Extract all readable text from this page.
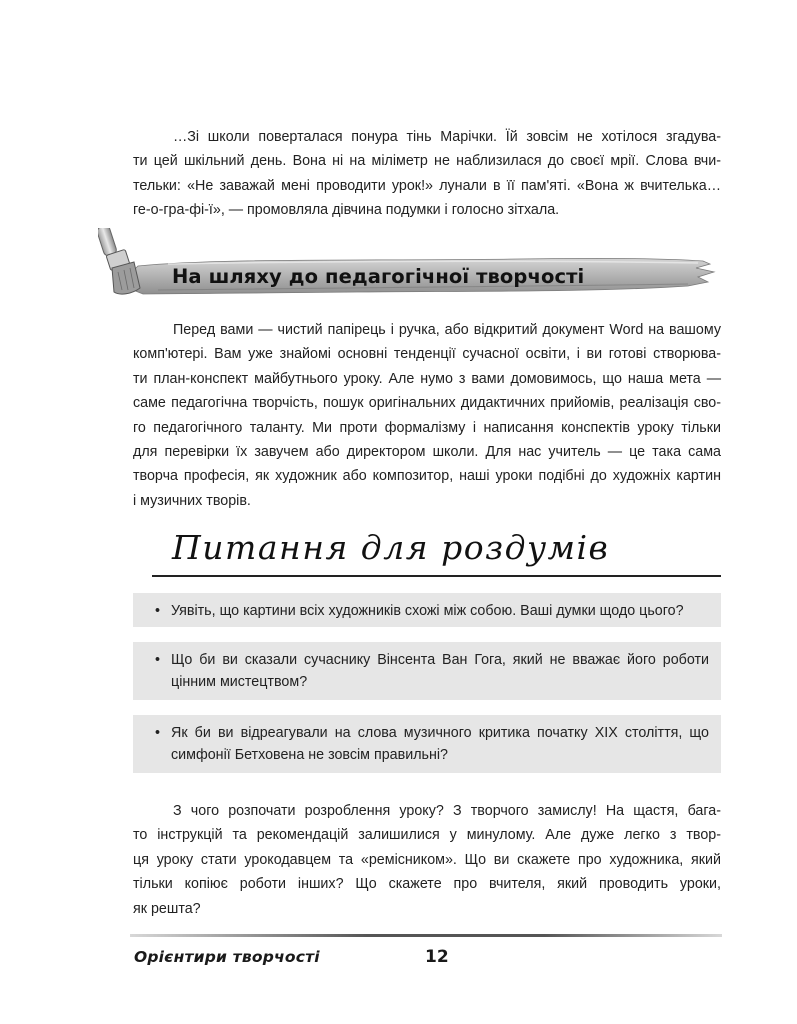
…Зі школи поверталася понура тінь Марічки. Їй зовсім не хотілося згадува-
ти цей шкільний день. Вона ні на міліметр не наблизилася до своєї мрії. Слова вчи-
тельки: «Не заважай мені проводити урок!» лунали в її пам'яті. «Вона ж вчителька…
ге-о-гра-фі-ї», — промовляла дівчина подумки і голосно зітхала.
На шляху до педагогічної творчості
Перед вами — чистий папірець і ручка, або відкритий документ Word на вашому
комп'ютері. Вам уже знайомі основні тенденції сучасної освіти, і ви готові створюва-
ти план-конспект майбутнього уроку. Але нумо з вами домовимось, що наша мета —
саме педагогічна творчість, пошук оригінальних дидактичних прийомів, реалізація сво-
го педагогічного таланту. Ми проти формалізму і написання конспектів уроку тільки
для перевірки їх завучем або директором школи. Для нас учитель — це така сама
творча професія, як художник або композитор, наші уроки подібні до художніх картин
і музичних творів.
Питання для роздумів
• Уявіть, що картини всіх художників схожі між собою. Ваші думки щодо цього?
• Що би ви сказали сучаснику Вінсента Ван Гога, який не вважає його роботи
цінним мистецтвом?
• Як би ви відреагували на слова музичного критика початку XIX століття, що
симфонії Бетховена не зовсім правильні?
З чого розпочати розроблення уроку? З творчого замислу! На щастя, бага-
то інструкцій та рекомендацій залишилися у минулому. Але дуже легко з твор-
ця уроку стати урокодавцем та «ремісником». Що ви скажете про художника, який
тільки копіює роботи інших? Що скажете про вчителя, який проводить уроки,
як решта?
Орієнтири творчості	12
